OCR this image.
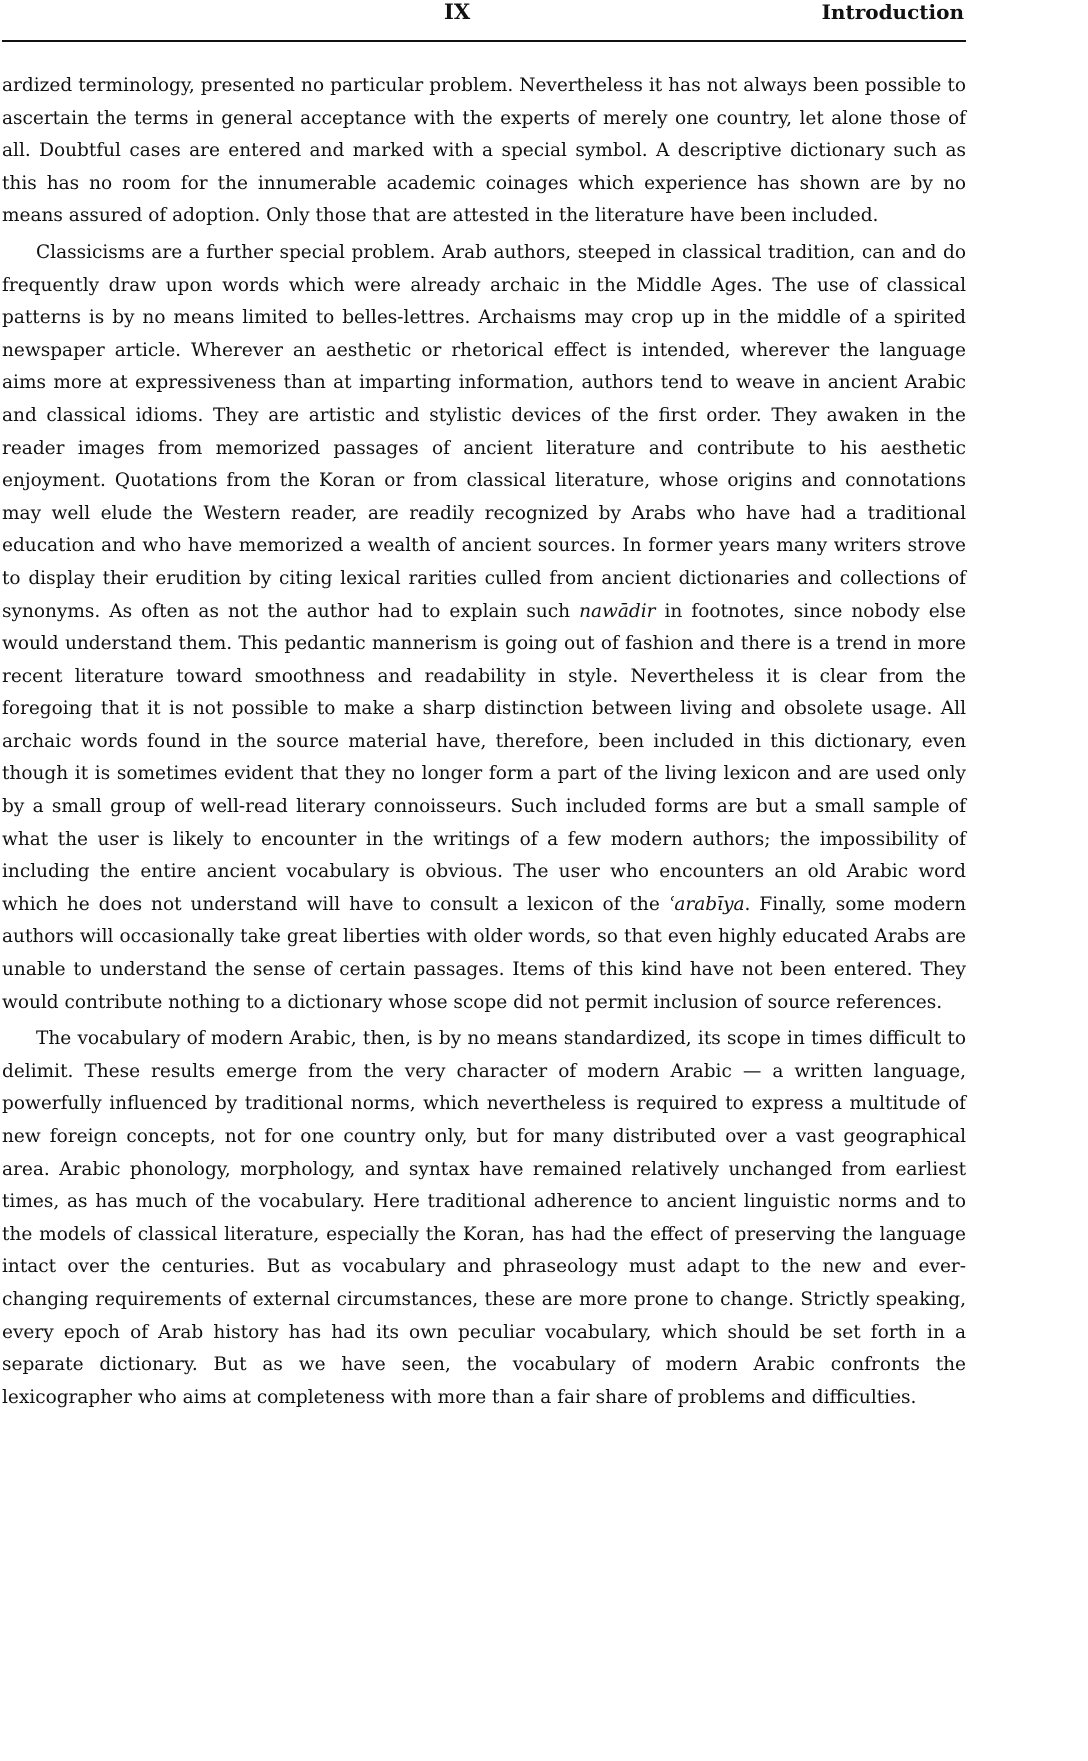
IX	Introduction

ardized terminology, presented no particular problem. Nevertheless it has not always been possible to ascertain the terms in general acceptance with the experts of merely one country, let alone those of all. Doubtful cases are entered and marked with a special symbol. A descriptive dictionary such as this has no room for the innumerable academic coinages which experience has shown are by no means assured of adoption. Only those that are attested in the literature have been included.

Classicisms are a further special problem. Arab authors, steeped in classical tradition, can and do frequently draw upon words which were already archaic in the Middle Ages. The use of classical patterns is by no means limited to belles-lettres. Archaisms may crop up in the middle of a spirited newspaper article. Wherever an aesthetic or rhetorical effect is intended, wherever the language aims more at expressiveness than at imparting information, authors tend to weave in ancient Arabic and classical idioms. They are artistic and stylistic devices of the first order. They awaken in the reader images from memorized passages of ancient literature and contribute to his aesthetic enjoyment. Quotations from the Koran or from classical literature, whose origins and connotations may well elude the Western reader, are readily recognized by Arabs who have had a traditional education and who have memorized a wealth of ancient sources. In former years many writers strove to display their erudition by citing lexical rarities culled from ancient dictionaries and collections of synonyms. As often as not the author had to explain such nawādir in footnotes, since nobody else would understand them. This pedantic mannerism is going out of fashion and there is a trend in more recent literature toward smoothness and readability in style. Nevertheless it is clear from the foregoing that it is not possible to make a sharp distinction between living and obsolete usage. All archaic words found in the source material have, therefore, been included in this dictionary, even though it is sometimes evident that they no longer form a part of the living lexicon and are used only by a small group of well-read literary connoisseurs. Such included forms are but a small sample of what the user is likely to encounter in the writings of a few modern authors; the impossibility of including the entire ancient vocabulary is obvious. The user who encounters an old Arabic word which he does not understand will have to consult a lexicon of the ʿarabīya. Finally, some modern authors will occasionally take great liberties with older words, so that even highly educated Arabs are unable to understand the sense of certain passages. Items of this kind have not been entered. They would contribute nothing to a dictionary whose scope did not permit inclusion of source references.

The vocabulary of modern Arabic, then, is by no means standardized, its scope in times difficult to delimit. These results emerge from the very character of modern Arabic — a written language, powerfully influenced by traditional norms, which nevertheless is required to express a multitude of new foreign concepts, not for one country only, but for many distributed over a vast geographical area. Arabic phonology, morphology, and syntax have remained relatively unchanged from earliest times, as has much of the vocabulary. Here traditional adherence to ancient linguistic norms and to the models of classical literature, especially the Koran, has had the effect of preserving the language intact over the centuries. But as vocabulary and phraseology must adapt to the new and ever-changing requirements of external circumstances, these are more prone to change. Strictly speaking, every epoch of Arab history has had its own peculiar vocabulary, which should be set forth in a separate dictionary. But as we have seen, the vocabulary of modern Arabic confronts the lexicographer who aims at completeness with more than a fair share of problems and difficulties.
